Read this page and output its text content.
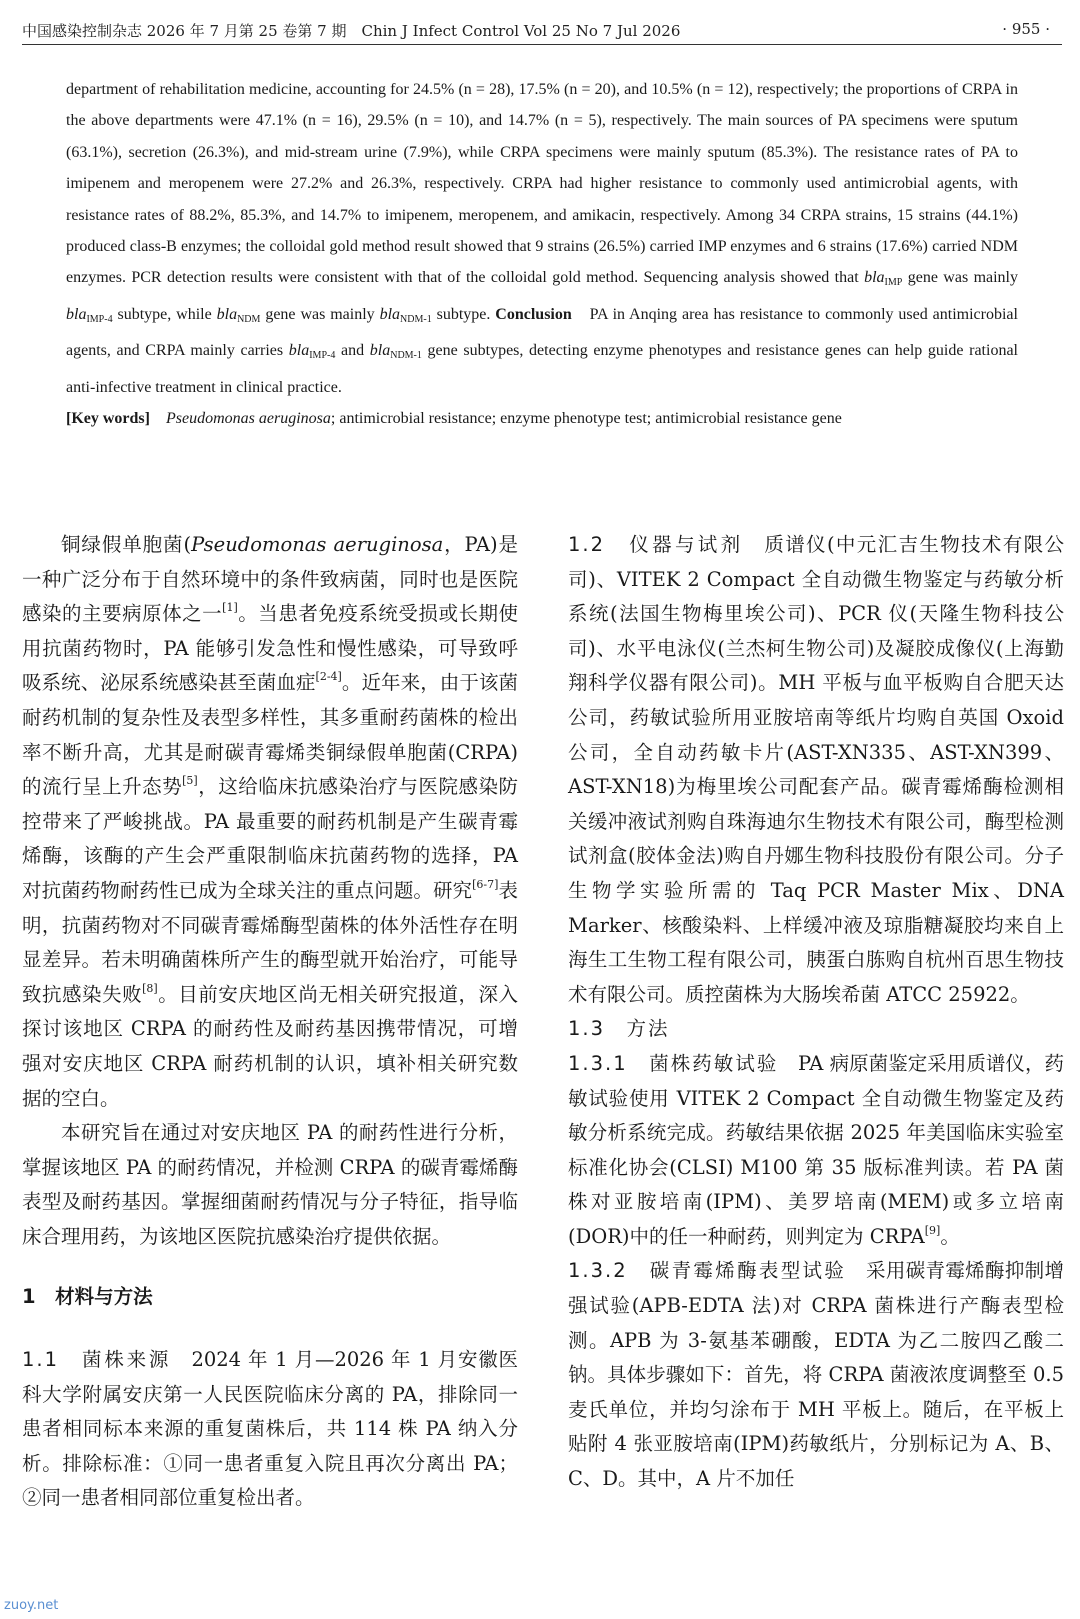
中国感染控制杂志 2026 年 7 月第 25 卷第 7 期　Chin J Infect Control Vol 25 No 7 Jul 2026	· 955 ·

department of rehabilitation medicine, accounting for 24.5% (n = 28), 17.5% (n = 20), and 10.5% (n = 12), respectively; the proportions of CRPA in the above departments were 47.1% (n = 16), 29.5% (n = 10), and 14.7% (n = 5), respectively. The main sources of PA specimens were sputum (63.1%), secretion (26.3%), and mid-stream urine (7.9%), while CRPA specimens were mainly sputum (85.3%). The resistance rates of PA to imipenem and meropenem were 27.2% and 26.3%, respectively. CRPA had higher resistance to commonly used antimicrobial agents, with resistance rates of 88.2%, 85.3%, and 14.7% to imipenem, meropenem, and amikacin, respectively. Among 34 CRPA strains, 15 strains (44.1%) produced class-B enzymes; the colloidal gold method result showed that 9 strains (26.5%) carried IMP enzymes and 6 strains (17.6%) carried NDM enzymes. PCR detection results were consistent with that of the colloidal gold method. Sequencing analysis showed that bla$_{IMP}$ gene was mainly bla$_{IMP-4}$ subtype, while bla$_{NDM}$ gene was mainly bla$_{NDM-1}$ subtype. Conclusion　PA in Anqing area has resistance to commonly used antimicrobial agents, and CRPA mainly carries bla$_{IMP-4}$ and bla$_{NDM-1}$ gene subtypes, detecting enzyme phenotypes and resistance genes can help guide rational anti-infective treatment in clinical practice.

[Key words]　 Pseudomonas aeruginosa; antimicrobial resistance; enzyme phenotype test; antimicrobial resistance gene

铜绿假单胞菌(Pseudomonas aeruginosa，PA)是一种广泛分布于自然环境中的条件致病菌，同时也是医院感染的主要病原体之一[1]。当患者免疫系统受损或长期使用抗菌药物时，PA 能够引发急性和慢性感染，可导致呼吸系统、泌尿系统感染甚至菌血症[2-4]。近年来，由于该菌耐药机制的复杂性及表型多样性，其多重耐药菌株的检出率不断升高，尤其是耐碳青霉烯类铜绿假单胞菌(CRPA)的流行呈上升态势[5]，这给临床抗感染治疗与医院感染防控带来了严峻挑战。PA 最重要的耐药机制是产生碳青霉烯酶，该酶的产生会严重限制临床抗菌药物的选择，PA 对抗菌药物耐药性已成为全球关注的重点问题。研究[6-7]表明，抗菌药物对不同碳青霉烯酶型菌株的体外活性存在明显差异。若未明确菌株所产生的酶型就开始治疗，可能导致抗感染失败[8]。目前安庆地区尚无相关研究报道，深入探讨该地区 CRPA 的耐药性及耐药基因携带情况，可增强对安庆地区 CRPA 耐药机制的认识，填补相关研究数据的空白。

本研究旨在通过对安庆地区 PA 的耐药性进行分析，掌握该地区 PA 的耐药情况，并检测 CRPA 的碳青霉烯酶表型及耐药基因。掌握细菌耐药情况与分子特征，指导临床合理用药，为该地区医院抗感染治疗提供依据。

1　材料与方法

1.1　菌株来源　2024 年 1 月—2026 年 1 月安徽医科大学附属安庆第一人民医院临床分离的 PA，排除同一患者相同标本来源的重复菌株后，共 114 株 PA 纳入分析。排除标准：①同一患者重复入院且再次分离出 PA；②同一患者相同部位重复检出者。

1.2　仪器与试剂　质谱仪(中元汇吉生物技术有限公司)、VITEK 2 Compact 全自动微生物鉴定与药敏分析系统(法国生物梅里埃公司)、PCR 仪(天隆生物科技公司)、水平电泳仪(兰杰柯生物公司)及凝胶成像仪(上海勤翔科学仪器有限公司)。MH 平板与血平板购自合肥天达公司，药敏试验所用亚胺培南等纸片均购自英国 Oxoid 公司，全自动药敏卡片(AST-XN335、AST-XN399、AST-XN18)为梅里埃公司配套产品。碳青霉烯酶检测相关缓冲液试剂购自珠海迪尔生物技术有限公司，酶型检测试剂盒(胶体金法)购自丹娜生物科技股份有限公司。分子生物学实验所需的 Taq PCR Master Mix、DNA Marker、核酸染料、上样缓冲液及琼脂糖凝胶均来自上海生工生物工程有限公司，胰蛋白胨购自杭州百思生物技术有限公司。质控菌株为大肠埃希菌 ATCC 25922。

1.3　方法

1.3.1　菌株药敏试验　PA 病原菌鉴定采用质谱仪，药敏试验使用 VITEK 2 Compact 全自动微生物鉴定及药敏分析系统完成。药敏结果依据 2025 年美国临床实验室标准化协会(CLSI) M100 第 35 版标准判读。若 PA 菌株对亚胺培南(IPM)、美罗培南(MEM)或多立培南(DOR)中的任一种耐药，则判定为 CRPA[9]。

1.3.2　碳青霉烯酶表型试验　采用碳青霉烯酶抑制增强试验(APB-EDTA 法)对 CRPA 菌株进行产酶表型检测。APB 为 3-氨基苯硼酸，EDTA 为乙二胺四乙酸二钠。具体步骤如下：首先，将 CRPA 菌液浓度调整至 0.5 麦氏单位，并均匀涂布于 MH 平板上。随后，在平板上贴附 4 张亚胺培南(IPM)药敏纸片，分别标记为 A、B、C、D。其中，A 片不加任

zuoy.net
